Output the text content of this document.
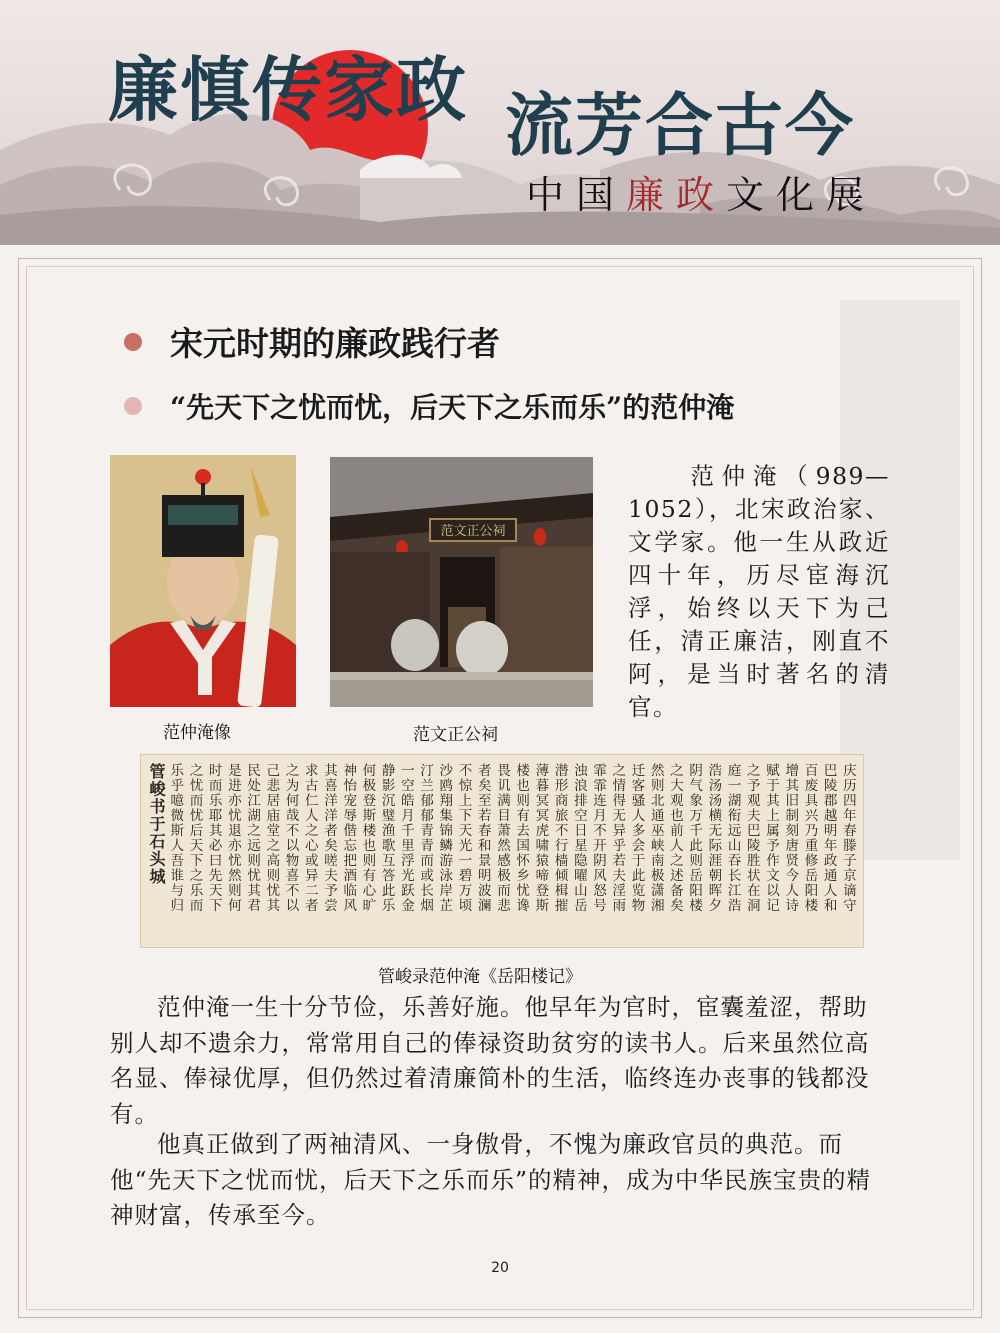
廉慎传家政 流芳合古今
中国廉政文化展
宋元时期的廉政践行者
“先天下之忧而忧，后天下之乐而乐”的范仲淹
范仲淹像
范文正公祠
范文正公祠
范仲淹（989—1052），北宋政治家、文学家。他一生从政近四十年，历尽宦海沉浮，始终以天下为己任，清正廉洁，刚直不阿，是当时著名的清官。
庆历四年春滕子京谪守
巴陵郡越明年政通人和
百废具兴乃重修岳阳楼
增其旧制刻唐贤今人诗
赋于其上属予作文以记
之予观夫巴陵胜状在洞
庭一湖衔远山吞长江浩
浩汤汤横无际涯朝晖夕
阴气象万千此则岳阳楼
之大观也前人之述备矣
然则北通巫峡南极潇湘
迁客骚人多会于此览物
之情得无异乎若夫淫雨
霏霏连月不开阴风怒号
浊浪排空日星隐曜山岳
潜形商旅不行樯倾楫摧
薄暮冥冥虎啸猿啼登斯
楼也则有去国怀乡忧谗
畏讥满目萧然感极而悲
者矣至若春和景明波澜
不惊上下天光一碧万顷
沙鸥翔集锦鳞游泳岸芷
汀兰郁郁青青而或长烟
一空皓月千里浮光跃金
静影沉璧渔歌互答此乐
何极登斯楼也则有心旷
神怡宠辱偕忘把酒临风
其喜洋洋者矣嗟夫予尝
求古仁人之心或异二者
之为何哉不以物喜不以
己悲居庙堂之高则忧其
民处江湖之远则忧其君
是进亦忧退亦忧然则何
时而乐耶其必曰先天下
之忧而忧后天下之乐而
乐乎噫微斯人吾谁与归
管峻书于石头城
管峻录范仲淹《岳阳楼记》

范仲淹一生十分节俭，乐善好施。他早年为官时，宦囊羞涩，帮助别人却不遗余力，常常用自己的俸禄资助贫穷的读书人。后来虽然位高名显、俸禄优厚，但仍然过着清廉简朴的生活，临终连办丧事的钱都没有。

他真正做到了两袖清风、一身傲骨，不愧为廉政官员的典范。而他“先天下之忧而忧，后天下之乐而乐”的精神，成为中华民族宝贵的精神财富，传承至今。

20
